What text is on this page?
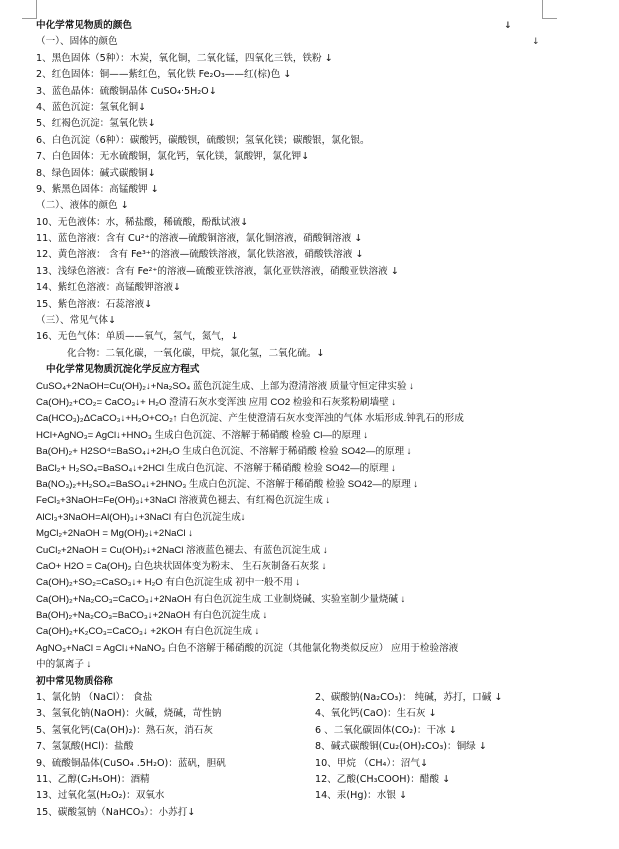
中化学常见物质的颜色	↓
（一）、固体的颜色	↓
1、黑色固体（5种）：木炭，氧化铜，二氧化锰，四氧化三铁，铁粉 ↓
2、红色固体：铜——紫红色，氧化铁 Fe₂O₃——红(棕)色 ↓
3、蓝色晶体：硫酸铜晶体 CuSO₄·5H₂O↓
4、蓝色沉淀：氢氧化铜↓
5、红褐色沉淀：氢氧化铁↓
6、白色沉淀（6种）：碳酸钙，碳酸钡，硫酸钡；氢氧化镁；碳酸银，氯化银。
7、白色固体：无水硫酸铜，氯化钙，氧化镁，氯酸钾，氯化钾↓
8、绿色固体：碱式碳酸铜↓
9、紫黑色固体：高锰酸钾 ↓
（二）、液体的颜色 ↓
10、无色液体：水，稀盐酸，稀硫酸，酚酞试液↓
11、蓝色溶液：含有 Cu²⁺的溶液—硫酸铜溶液，氯化铜溶液，硝酸铜溶液 ↓
12、黄色溶液： 含有 Fe³⁺的溶液—硫酸铁溶液，氯化铁溶液，硝酸铁溶液 ↓
13、浅绿色溶液：含有 Fe²⁺的溶液—硫酸亚铁溶液，氯化亚铁溶液，硝酸亚铁溶液 ↓
14、紫红色溶液：高锰酸钾溶液↓
15、紫色溶液：石蕊溶液↓
（三）、常见气体↓
16、无色气体：单质——氧气，氢气，氮气，↓
化合物：二氧化碳，一氧化碳，甲烷，氯化氢，二氧化硫。↓
中化学常见物质沉淀化学反应方程式
CuSO₄+2NaOH=Cu(OH)₂↓+Na₂SO₄ 蓝色沉淀生成、上部为澄清溶液 质量守恒定律实验 ↓
Ca(OH)₂+CO₂= CaCO₃↓+ H₂O 澄清石灰水变浑浊 应用 CO2 检验和石灰浆粉刷墙壁 ↓
Ca(HCO₃)₂ΔCaCO₃↓+H₂O+CO₂↑ 白色沉淀、产生使澄清石灰水变浑浊的气体 水垢形成.钟乳石的形成
HCl+AgNO₃= AgCl↓+HNO₃ 生成白色沉淀、不溶解于稀硝酸 检验 Cl—的原理 ↓
Ba(OH)₂+ H2SO⁴=BaSO₄↓+2H₂O 生成白色沉淀、不溶解于稀硝酸 检验 SO42—的原理 ↓
BaCl₂+ H₂SO₄=BaSO₄↓+2HCl 生成白色沉淀、不溶解于稀硝酸 检验 SO42—的原理 ↓
Ba(NO₃)₂+H₂SO₄=BaSO₄↓+2HNO₃ 生成白色沉淀、不溶解于稀硝酸 检验 SO42—的原理 ↓
FeCl₃+3NaOH=Fe(OH)₃↓+3NaCl 溶液黄色褪去、有红褐色沉淀生成 ↓
AlCl₃+3NaOH=Al(OH)₃↓+3NaCl 有白色沉淀生成↓
MgCl₂+2NaOH = Mg(OH)₂↓+2NaCl ↓
CuCl₂+2NaOH = Cu(OH)₂↓+2NaCl 溶液蓝色褪去、有蓝色沉淀生成 ↓
CaO+ H2O = Ca(OH)₂ 白色块状固体变为粉末、 生石灰制备石灰浆 ↓
Ca(OH)₂+SO₂=CaSO₃↓+ H₂O 有白色沉淀生成 初中一般不用 ↓
Ca(OH)₂+Na₂CO₃=CaCO₃↓+2NaOH 有白色沉淀生成 工业制烧碱、实验室制少量烧碱 ↓
Ba(OH)₂+Na₂CO₃=BaCO₃↓+2NaOH 有白色沉淀生成 ↓
Ca(OH)₂+K₂CO₃=CaCO₃↓ +2KOH 有白色沉淀生成 ↓
AgNO₃+NaCl = AgCl↓+NaNO₃ 白色不溶解于稀硝酸的沉淀（其他氯化物类似反应） 应用于检验溶液
中的氯离子 ↓
初中常见物质俗称
1、氯化钠 （NaCl）： 食盐	2、碳酸钠(Na₂CO₃)： 纯碱，苏打，口碱 ↓
3、氢氧化钠(NaOH)：火碱，烧碱，苛性钠	4、氧化钙(CaO)：生石灰 ↓
5、氢氧化钙(Ca(OH)₂)：熟石灰，消石灰	6 、二氧化碳固体(CO₂)：干冰 ↓
7、氢氯酸(HCl)：盐酸	8、碱式碳酸铜(Cu₂(OH)₂CO₃)：铜绿 ↓
9、硫酸铜晶体(CuSO₄ .5H₂O)：蓝矾，胆矾	10、甲烷 （CH₄）：沼气↓
11、乙醇(C₂H₅OH)：酒精	12、乙酸(CH₃COOH)：醋酸 ↓
13、过氧化氢(H₂O₂)：双氧水	14、汞(Hg)：水银 ↓
15、碳酸氢钠（NaHCO₃）：小苏打↓
